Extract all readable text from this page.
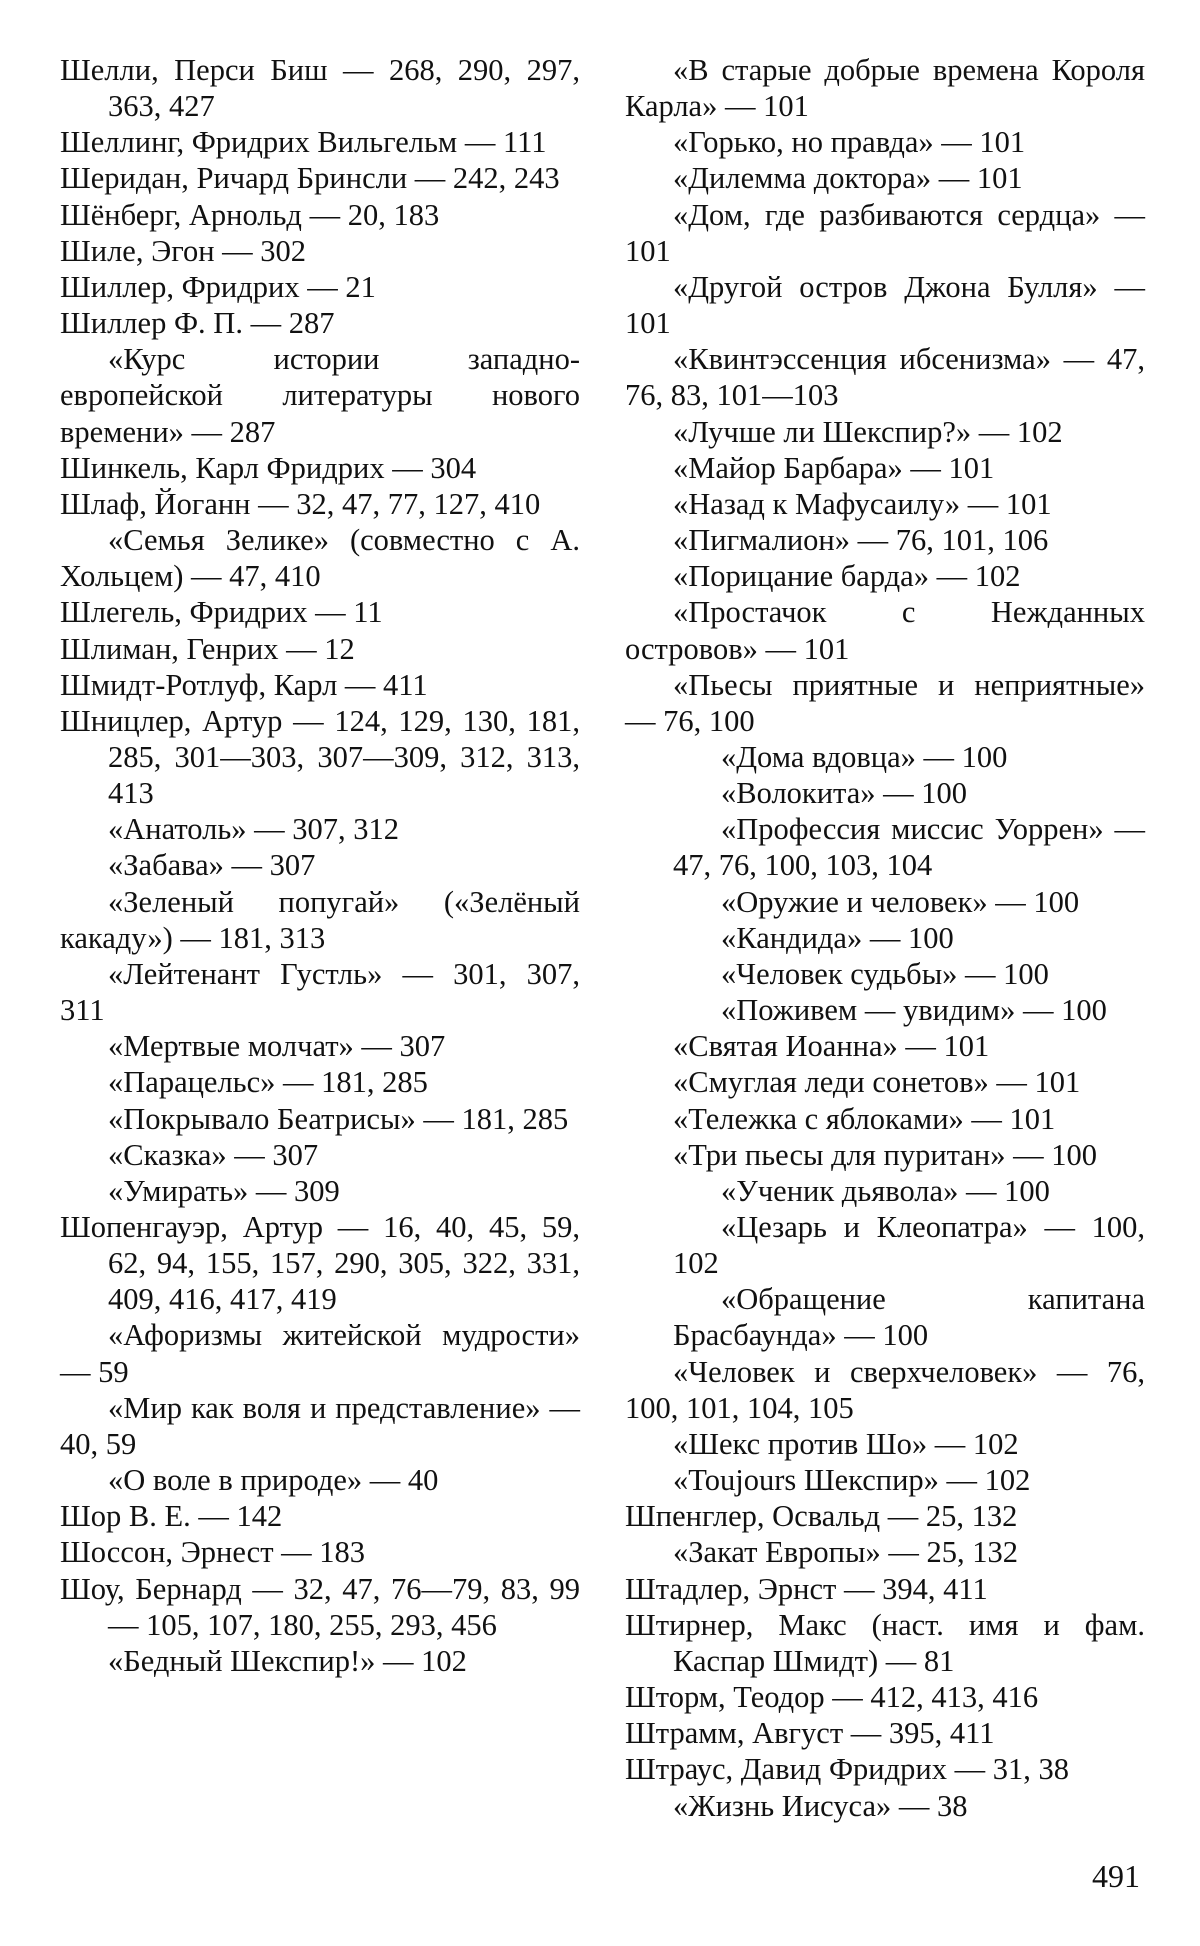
Шелли, Перси Биш — 268, 290, 297, 363, 427
Шеллинг, Фридрих Вильгельм — 111
Шеридан, Ричард Бринсли — 242, 243
Шёнберг, Арнольд — 20, 183
Шиле, Эгон — 302
Шиллер, Фридрих — 21
Шиллер Ф. П. — 287
«Курс истории западно-европейской литературы нового времени» — 287
Шинкель, Карл Фридрих — 304
Шлаф, Йоганн — 32, 47, 77, 127, 410
«Семья Зелике» (совместно с А. Хольцем) — 47, 410
Шлегель, Фридрих — 11
Шлиман, Генрих — 12
Шмидт-Ротлуф, Карл — 411
Шницлер, Артур — 124, 129, 130, 181, 285, 301—303, 307—309, 312, 313, 413
«Анатоль» — 307, 312
«Забава» — 307
«Зеленый попугай» («Зелёный какаду») — 181, 313
«Лейтенант Густль» — 301, 307, 311
«Мертвые молчат» — 307
«Парацельс» — 181, 285
«Покрывало Беатрисы» — 181, 285
«Сказка» — 307
«Умирать» — 309
Шопенгауэр, Артур — 16, 40, 45, 59, 62, 94, 155, 157, 290, 305, 322, 331, 409, 416, 417, 419
«Афоризмы житейской мудрости» — 59
«Мир как воля и представление» — 40, 59
«О воле в природе» — 40
Шор В. Е. — 142
Шоссон, Эрнест — 183
Шоу, Бернард — 32, 47, 76—79, 83, 99 — 105, 107, 180, 255, 293, 456
«Бедный Шекспир!» — 102
«В старые добрые времена Короля Карла» — 101
«Горько, но правда» — 101
«Дилемма доктора» — 101
«Дом, где разбиваются сердца» — 101
«Другой остров Джона Булля» — 101
«Квинтэссенция ибсенизма» — 47, 76, 83, 101—103
«Лучше ли Шекспир?» — 102
«Майор Барбара» — 101
«Назад к Мафусаилу» — 101
«Пигмалион» — 76, 101, 106
«Порицание барда» — 102
«Простачок с Нежданных островов» — 101
«Пьесы приятные и неприятные» — 76, 100
«Дома вдовца» — 100
«Волокита» — 100
«Профессия миссис Уоррен» — 47, 76, 100, 103, 104
«Оружие и человек» — 100
«Кандида» — 100
«Человек судьбы» — 100
«Поживем — увидим» — 100
«Святая Иоанна» — 101
«Смуглая леди сонетов» — 101
«Тележка с яблоками» — 101
«Три пьесы для пуритан» — 100
«Ученик дьявола» — 100
«Цезарь и Клеопатра» — 100, 102
«Обращение капитана Брасбаунда» — 100
«Человек и сверхчеловек» — 76, 100, 101, 104, 105
«Шекс против Шо» — 102
«Toujours Шекспир» — 102
Шпенглер, Освальд — 25, 132
«Закат Европы» — 25, 132
Штадлер, Эрнст — 394, 411
Штирнер, Макс (наст. имя и фам. Каспар Шмидт) — 81
Шторм, Теодор — 412, 413, 416
Штрамм, Август — 395, 411
Штраус, Давид Фридрих — 31, 38
«Жизнь Иисуса» — 38
491
